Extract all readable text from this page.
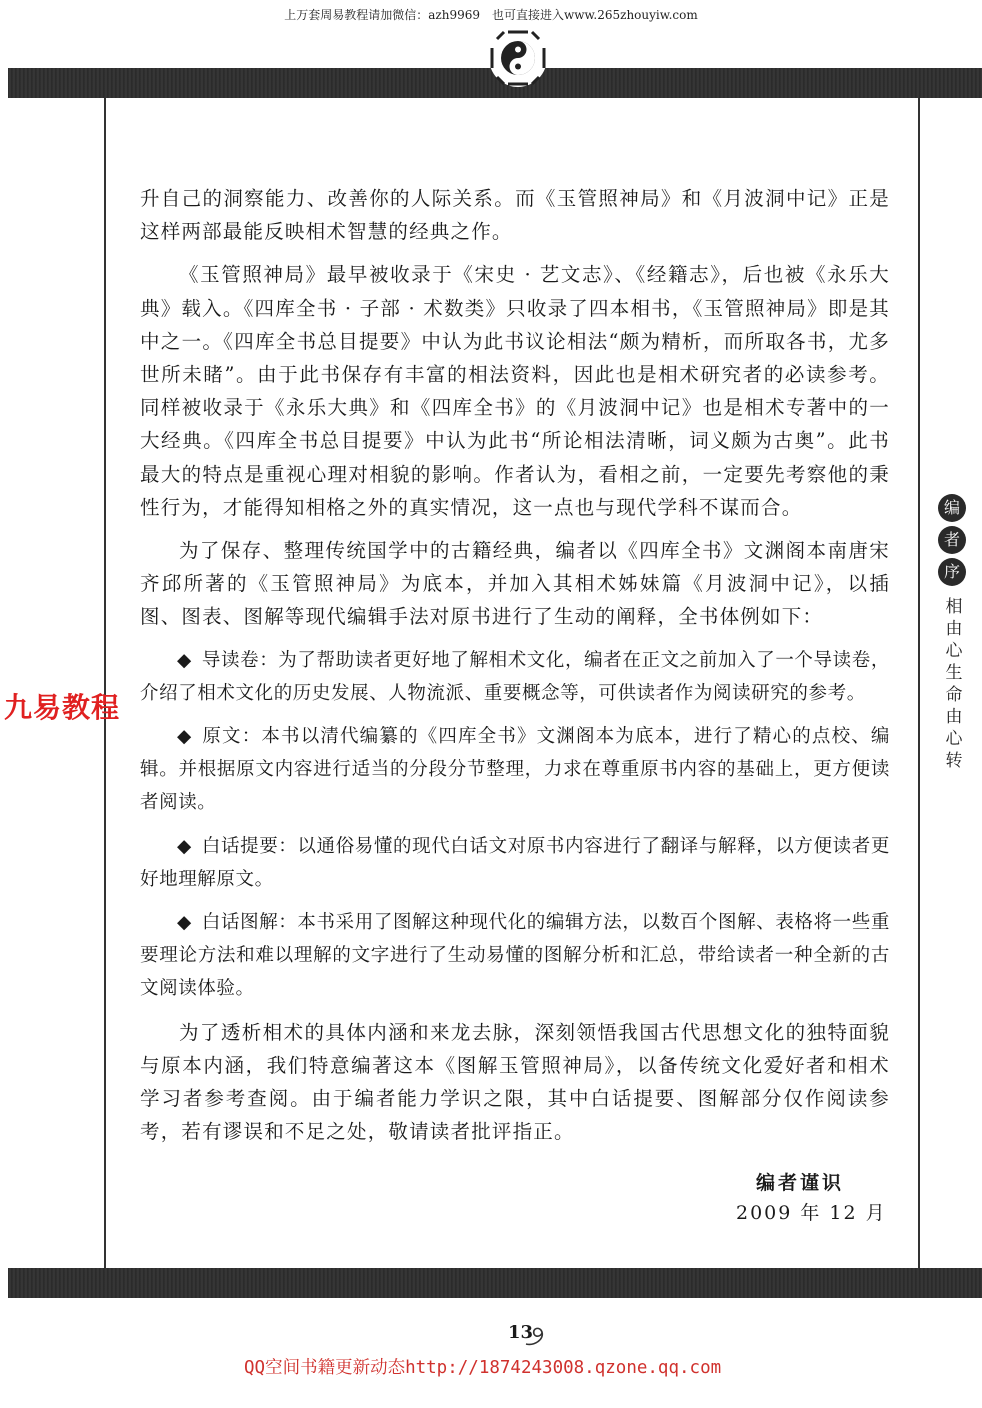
上万套周易教程请加微信：azh9969　也可直接进入www.265zhouyiw.com

升自己的洞察能力、改善你的人际关系。而《玉管照神局》和《月波洞中记》正是这样两部最能反映相术智慧的经典之作。

《玉管照神局》最早被收录于《宋史 · 艺文志》、《经籍志》，后也被《永乐大典》载入。《四库全书 · 子部 · 术数类》只收录了四本相书，《玉管照神局》即是其中之一。《四库全书总目提要》中认为此书议论相法“颇为精析，而所取各书，尤多世所未睹”。由于此书保存有丰富的相法资料，因此也是相术研究者的必读参考。同样被收录于《永乐大典》和《四库全书》的《月波洞中记》也是相术专著中的一大经典。《四库全书总目提要》中认为此书“所论相法清晰，词义颇为古奥”。此书最大的特点是重视心理对相貌的影响。作者认为，看相之前，一定要先考察他的秉性行为，才能得知相格之外的真实情况，这一点也与现代学科不谋而合。

为了保存、整理传统国学中的古籍经典，编者以《四库全书》文渊阁本南唐宋齐邱所著的《玉管照神局》为底本，并加入其相术姊妹篇《月波洞中记》，以插图、图表、图解等现代编辑手法对原书进行了生动的阐释，全书体例如下：

◆ 导读卷：为了帮助读者更好地了解相术文化，编者在正文之前加入了一个导读卷，介绍了相术文化的历史发展、人物流派、重要概念等，可供读者作为阅读研究的参考。

◆ 原文：本书以清代编纂的《四库全书》文渊阁本为底本，进行了精心的点校、编辑。并根据原文内容进行适当的分段分节整理，力求在尊重原书内容的基础上，更方便读者阅读。

◆ 白话提要：以通俗易懂的现代白话文对原书内容进行了翻译与解释，以方便读者更好地理解原文。

◆ 白话图解：本书采用了图解这种现代化的编辑方法，以数百个图解、表格将一些重要理论方法和难以理解的文字进行了生动易懂的图解分析和汇总，带给读者一种全新的古文阅读体验。

为了透析相术的具体内涵和来龙去脉，深刻领悟我国古代思想文化的独特面貌与原本内涵，我们特意编著这本《图解玉管照神局》，以备传统文化爱好者和相术学习者参考查阅。由于编者能力学识之限，其中白话提要、图解部分仅作阅读参考，若有谬误和不足之处，敬请读者批评指正。

编者谨识
2009 年 12 月
编
者
序
相由心生 命由心转
九易教程
13
QQ空间书籍更新动态http://1874243008.qzone.qq.com
